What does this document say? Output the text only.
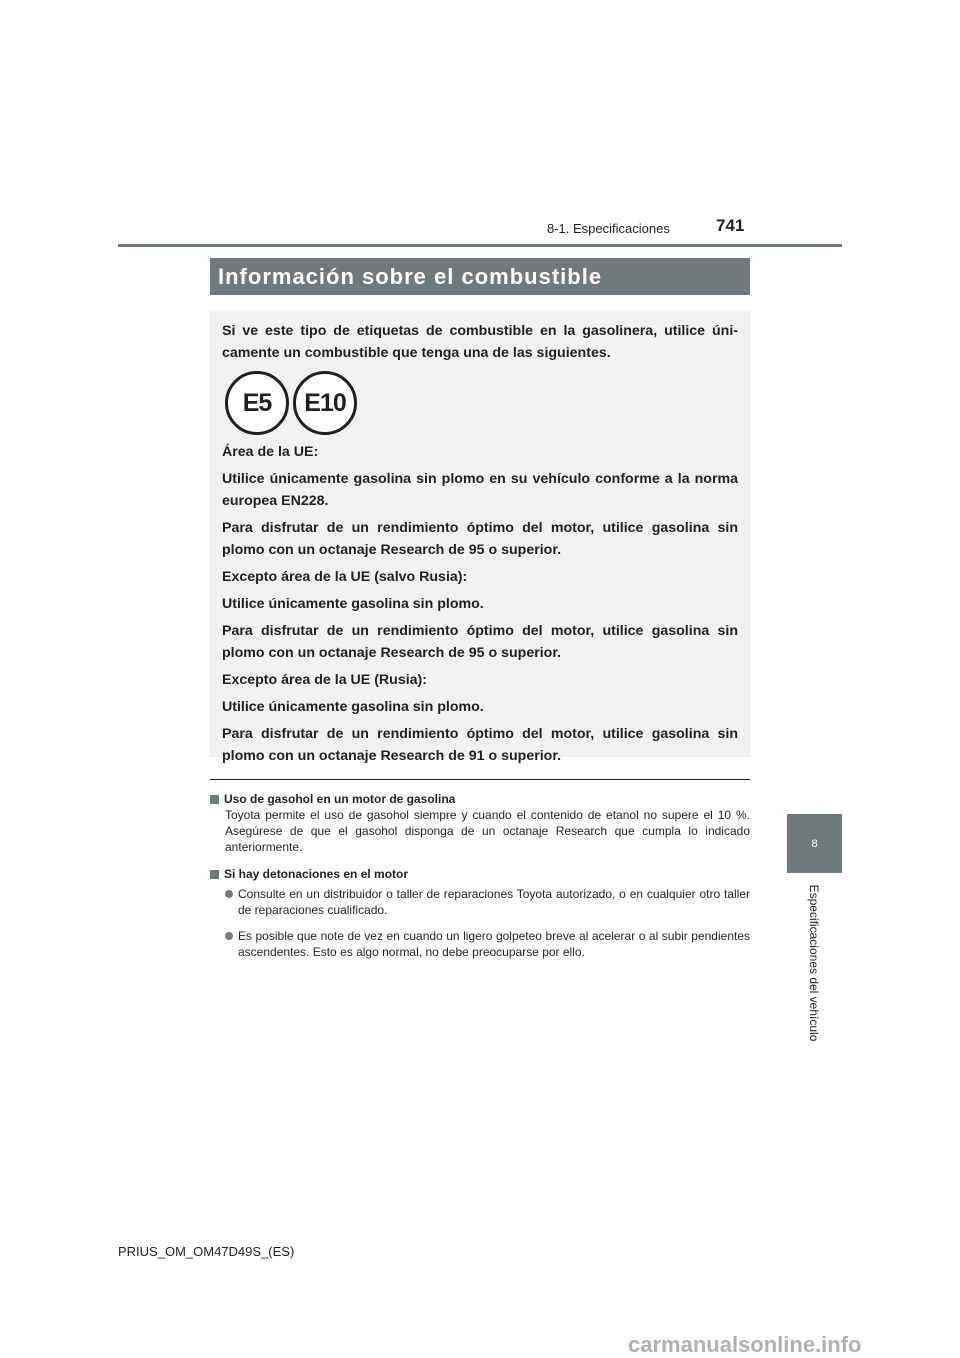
8-1. Especificaciones	741
8
Especificaciones del vehículo
Información sobre el combustible

Si ve este tipo de etiquetas de combustible en la gasolinera, utilice úni-camente un combustible que tenga una de las siguientes.

E5	E10

Área de la UE:

Utilice únicamente gasolina sin plomo en su vehículo conforme a la norma europea EN228.

Para disfrutar de un rendimiento óptimo del motor, utilice gasolina sin plomo con un octanaje Research de 95 o superior.

Excepto área de la UE (salvo Rusia):

Utilice únicamente gasolina sin plomo.

Para disfrutar de un rendimiento óptimo del motor, utilice gasolina sin plomo con un octanaje Research de 95 o superior.

Excepto área de la UE (Rusia):

Utilice únicamente gasolina sin plomo.

Para disfrutar de un rendimiento óptimo del motor, utilice gasolina sin plomo con un octanaje Research de 91 o superior.

Uso de gasohol en un motor de gasolina
Toyota permite el uso de gasohol siempre y cuando el contenido de etanol no supere el 10 %. Asegúrese de que el gasohol disponga de un octanaje Research que cumpla lo indicado anteriormente.
Si hay detonaciones en el motor
Consulte en un distribuidor o taller de reparaciones Toyota autorizado, o en cualquier otro taller de reparaciones cualificado.
Es posible que note de vez en cuando un ligero golpeteo breve al acelerar o al subir pendientes ascendentes. Esto es algo normal, no debe preocuparse por ello.
PRIUS_OM_OM47D49S_(ES)
carmanualsonline.info
